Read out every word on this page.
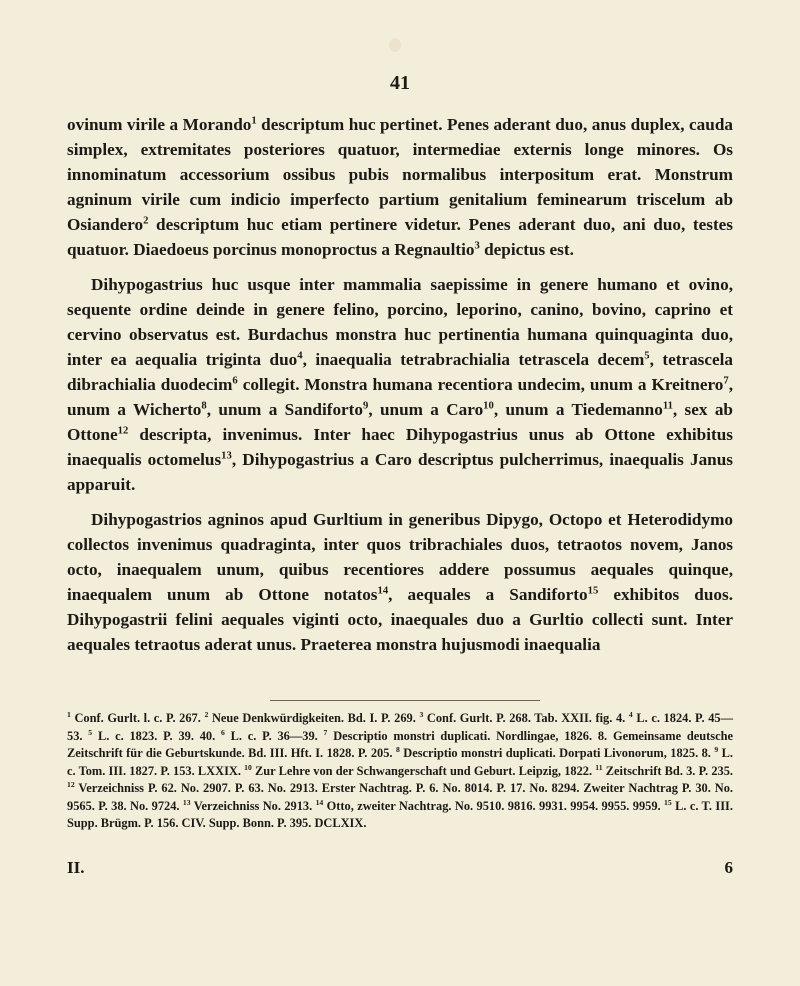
41

ovinum virile a Morando$^1$ descriptum huc pertinet. Penes aderant duo, anus duplex, cauda simplex, extremitates posteriores quatuor, intermediae externis longe minores. Os innominatum accessorium ossibus pubis normalibus interpositum erat. Monstrum agninum virile cum indicio imperfecto partium genitalium feminearum triscelum ab Osiandero$^2$ descriptum huc etiam pertinere videtur. Penes aderant duo, ani duo, testes quatuor. Diaedoeus porcinus monoproctus a Regnaultio$^3$ depictus est.

Dihypogastrius huc usque inter mammalia saepissime in genere humano et ovino, sequente ordine deinde in genere felino, porcino, leporino, canino, bovino, caprino et cervino observatus est. Burdachus monstra huc pertinentia humana quinquaginta duo, inter ea aequalia triginta duo$^4$, inaequalia tetrabrachialia tetrascela decem$^5$, tetrascela dibrachialia duodecim$^6$ collegit. Monstra humana recentiora undecim, unum a Kreitnero$^7$, unum a Wicherto$^8$, unum a Sandiforto$^9$, unum a Caro$^{10}$, unum a Tiedemanno$^{11}$, sex ab Ottone$^{12}$ descripta, invenimus. Inter haec Dihypogastrius unus ab Ottone exhibitus inaequalis octomelus$^{13}$, Dihypogastrius a Caro descriptus pulcherrimus, inaequalis Janus apparuit.

Dihypogastrios agninos apud Gurltium in generibus Dipygo, Octopo et Heterodidymo collectos invenimus quadraginta, inter quos tribrachiales duos, tetraotos novem, Janos octo, inaequalem unum, quibus recentiores addere possumus aequales quinque, inaequalem unum ab Ottone notatos$^{14}$, aequales a Sandiforto$^{15}$ exhibitos duos. Dihypogastrii felini aequales viginti octo, inaequales duo a Gurltio collecti sunt. Inter aequales tetraotus aderat unus. Praeterea monstra hujusmodi inaequalia

$^1$ Conf. Gurlt. l. c. P. 267. $^2$ Neue Denkwürdigkeiten. Bd. I. P. 269. $^3$ Conf. Gurlt. P. 268. Tab. XXII. fig. 4. $^4$ L. c. 1824. P. 45—53. $^5$ L. c. 1823. P. 39. 40. $^6$ L. c. P. 36—39. $^7$ Descriptio monstri duplicati. Nordlingae, 1826. 8. Gemeinsame deutsche Zeitschrift für die Geburtskunde. Bd. III. Hft. I. 1828. P. 205. $^8$ Descriptio monstri duplicati. Dorpati Livonorum, 1825. 8. $^9$ L. c. Tom. III. 1827. P. 153. LXXIX. $^{10}$ Zur Lehre von der Schwangerschaft und Geburt. Leipzig, 1822. $^{11}$ Zeitschrift Bd. 3. P. 235. $^{12}$ Verzeichniss P. 62. No. 2907. P. 63. No. 2913. Erster Nachtrag. P. 6. No. 8014. P. 17. No. 8294. Zweiter Nachtrag P. 30. No. 9565. P. 38. No. 9724. $^{13}$ Verzeichniss No. 2913. $^{14}$ Otto, zweiter Nachtrag. No. 9510. 9816. 9931. 9954. 9955. 9959. $^{15}$ L. c. T. III. Supp. Brügm. P. 156. CIV. Supp. Bonn. P. 395. DCLXIX.
II.	6
